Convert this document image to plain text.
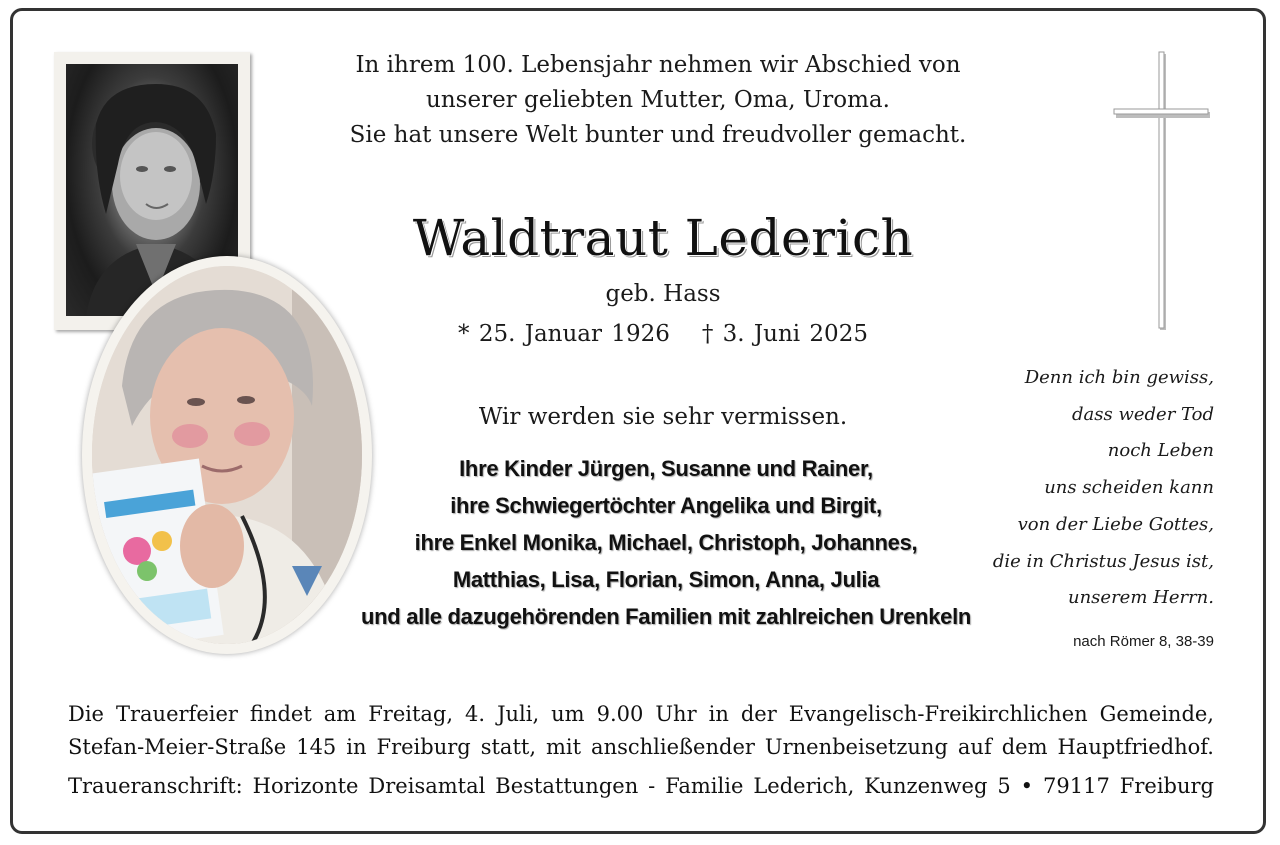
In ihrem 100. Lebensjahr nehmen wir Abschied von
unserer geliebten Mutter, Oma, Uroma.
Sie hat unsere Welt bunter und freudvoller gemacht.
Waldtraut Lederich
geb. Hass
* 25. Januar 1926 † 3. Juni 2025
Wir werden sie sehr vermissen.
Ihre Kinder Jürgen, Susanne und Rainer,
ihre Schwiegertöchter Angelika und Birgit,
ihre Enkel Monika, Michael, Christoph, Johannes,
Matthias, Lisa, Florian, Simon, Anna, Julia
und alle dazugehörenden Familien mit zahlreichen Urenkeln
Denn ich bin gewiss,
dass weder Tod
noch Leben
uns scheiden kann
von der Liebe Gottes,
die in Christus Jesus ist,
unserem Herrn.
nach Römer 8, 38-39
Die Trauerfeier findet am Freitag, 4. Juli, um 9.00 Uhr in der Evangelisch-Freikirchlichen Gemeinde,
Stefan-Meier-Straße 145 in Freiburg statt, mit anschließender Urnenbeisetzung auf dem Hauptfriedhof.
Traueranschrift: Horizonte Dreisamtal Bestattungen - Familie Lederich, Kunzenweg 5 • 79117 Freiburg
